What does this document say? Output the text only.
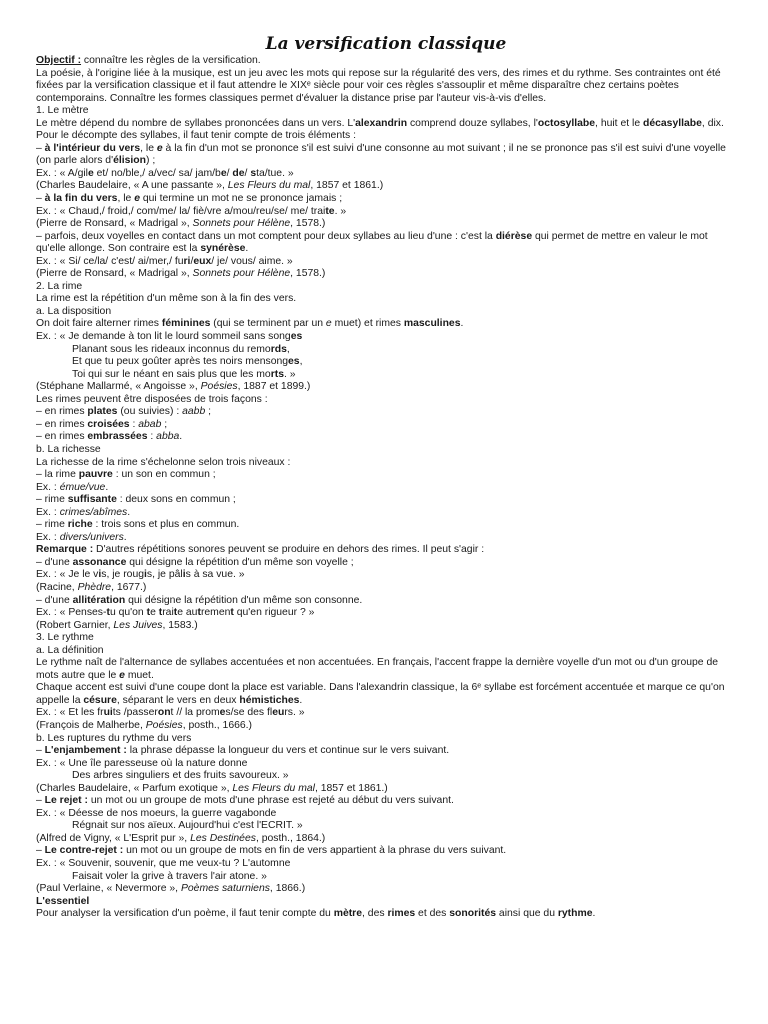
La versification classique
Objectif : connaître les règles de la versification.
La poésie, à l'origine liée à la musique, est un jeu avec les mots qui repose sur la régularité des vers, des rimes et du rythme. Ses contraintes ont été fixées par la versification classique et il faut attendre le XIXᵉ siècle pour voir ces règles s'assouplir et même disparaître chez certains poètes contemporains. Connaître les formes classiques permet d'évaluer la distance prise par l'auteur vis-à-vis d'elles.
1. Le mètre
Le mètre dépend du nombre de syllabes prononcées dans un vers. L'alexandrin comprend douze syllabes, l'octosyllabe, huit et le décasyllabe, dix.
Pour le décompte des syllabes, il faut tenir compte de trois éléments :
– à l'intérieur du vers, le e à la fin d'un mot se prononce s'il est suivi d'une consonne au mot suivant ; il ne se prononce pas s'il est suivi d'une voyelle (on parle alors d'élision) ;
Ex. : « A/gile et/ no/ble,/ a/vec/ sa/ jam/be/ de/ sta/tue. »
(Charles Baudelaire, « A une passante », Les Fleurs du mal, 1857 et 1861.)
– à la fin du vers, le e qui termine un mot ne se prononce jamais ;
Ex. : « Chaud,/ froid,/ com/me/ la/ fiè/vre a/mou/reu/se/ me/ traite. »
(Pierre de Ronsard, « Madrigal », Sonnets pour Hélène, 1578.)
– parfois, deux voyelles en contact dans un mot comptent pour deux syllabes au lieu d'une : c'est la diérèse qui permet de mettre en valeur le mot qu'elle allonge. Son contraire est la synérèse.
Ex. : « Si/ ce/la/ c'est/ ai/mer,/ furi/eux/ je/ vous/ aime. »
(Pierre de Ronsard, « Madrigal », Sonnets pour Hélène, 1578.)
2. La rime
La rime est la répétition d'un même son à la fin des vers.
a. La disposition
On doit faire alterner rimes féminines (qui se terminent par un e muet) et rimes masculines.
Ex. : « Je demande à ton lit le lourd sommeil sans songes
Planant sous les rideaux inconnus du remords,
Et que tu peux goûter après tes noirs mensonges,
Toi qui sur le néant en sais plus que les morts. »
(Stéphane Mallarmé, « Angoisse », Poésies, 1887 et 1899.)
Les rimes peuvent être disposées de trois façons :
– en rimes plates (ou suivies) : aabb ;
– en rimes croisées : abab ;
– en rimes embrassées : abba.
b. La richesse
La richesse de la rime s'échelonne selon trois niveaux :
– la rime pauvre : un son en commun ;
Ex. : émue/vue.
– rime suffisante : deux sons en commun ;
Ex. : crimes/abîmes.
– rime riche : trois sons et plus en commun.
Ex. : divers/univers.
Remarque : D'autres répétitions sonores peuvent se produire en dehors des rimes. Il peut s'agir :
– d'une assonance qui désigne la répétition d'un même son voyelle ;
Ex. : « Je le vis, je rougis, je pâlis à sa vue. »
(Racine, Phèdre, 1677.)
– d'une allitération qui désigne la répétition d'un même son consonne.
Ex. : « Penses-tu qu'on te traite autrement qu'en rigueur ? »
(Robert Garnier, Les Juives, 1583.)
3. Le rythme
a. La définition
Le rythme naît de l'alternance de syllabes accentuées et non accentuées. En français, l'accent frappe la dernière voyelle d'un mot ou d'un groupe de mots autre que le e muet.
Chaque accent est suivi d'une coupe dont la place est variable. Dans l'alexandrin classique, la 6ᵉ syllabe est forcément accentuée et marque ce qu'on appelle la césure, séparant le vers en deux hémistiches.
Ex. : « Et les fruits /passeront // la promes/se des fleurs. »
(François de Malherbe, Poésies, posth., 1666.)
b. Les ruptures du rythme du vers
– L'enjambement : la phrase dépasse la longueur du vers et continue sur le vers suivant.
Ex. : « Une île paresseuse où la nature donne
Des arbres singuliers et des fruits savoureux. »
(Charles Baudelaire, « Parfum exotique », Les Fleurs du mal, 1857 et 1861.)
– Le rejet : un mot ou un groupe de mots d'une phrase est rejeté au début du vers suivant.
Ex. : « Déesse de nos moeurs, la guerre vagabonde
Régnait sur nos aïeux. Aujourd'hui c'est l'ECRIT. »
(Alfred de Vigny, « L'Esprit pur », Les Destinées, posth., 1864.)
– Le contre-rejet : un mot ou un groupe de mots en fin de vers appartient à la phrase du vers suivant.
Ex. : « Souvenir, souvenir, que me veux-tu ? L'automne
Faisait voler la grive à travers l'air atone. »
(Paul Verlaine, « Nevermore », Poèmes saturniens, 1866.)
L'essentiel
Pour analyser la versification d'un poème, il faut tenir compte du mètre, des rimes et des sonorités ainsi que du rythme.
